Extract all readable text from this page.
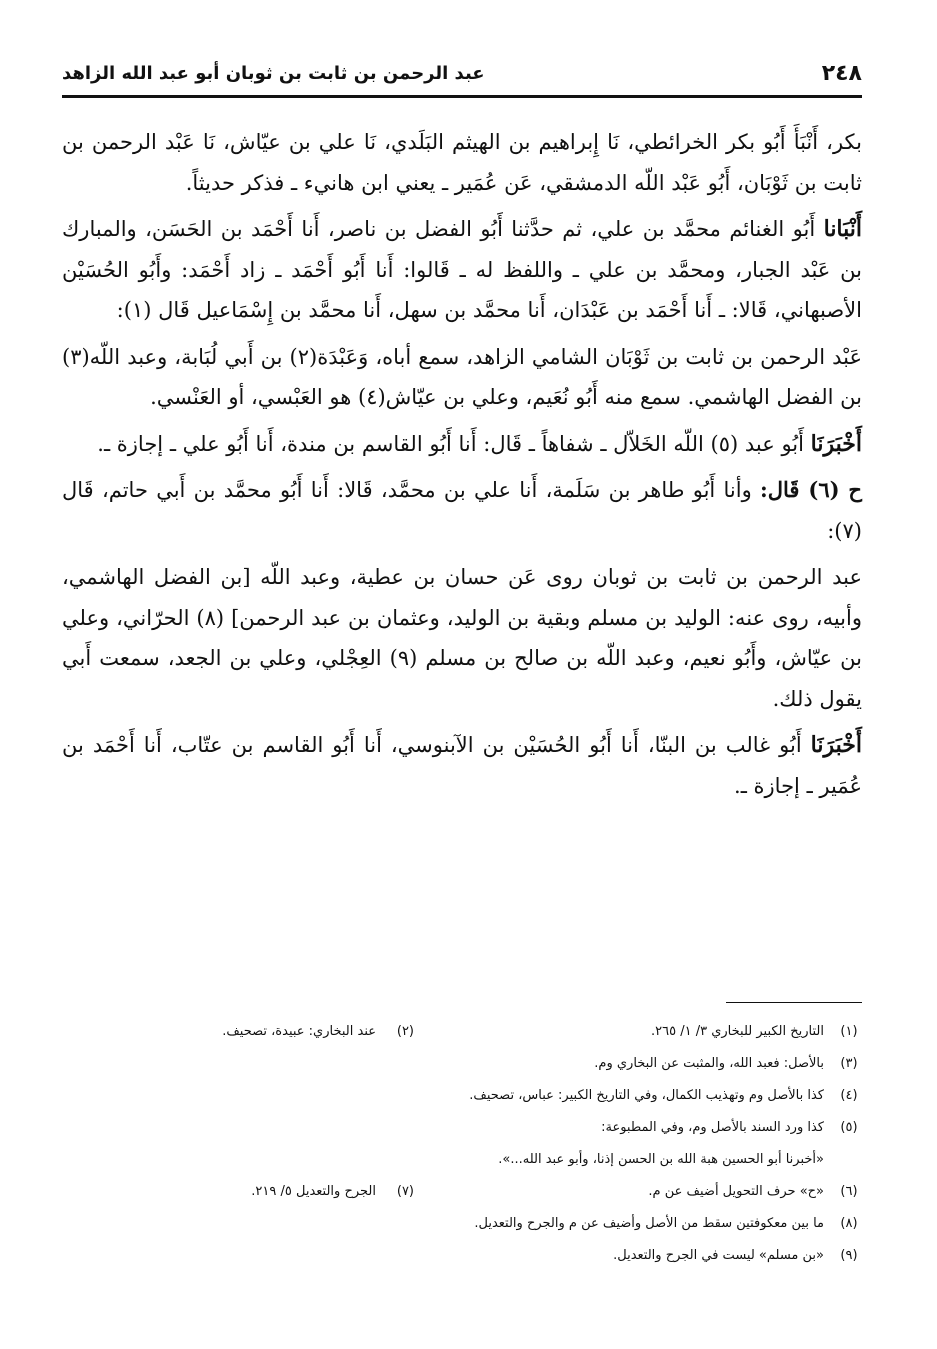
٢٤٨
عبد الرحمن بن ثابت بن ثوبان أبو عبد الله الزاهد

بكر، أَنْبَأَ أَبُو بكر الخرائطي، نَا إِبراهيم بن الهيثم البَلَدي، نَا علي بن عيّاش، نَا عَبْد الرحمن بن ثابت بن ثَوْبَان، أَبُو عَبْد اللّه الدمشقي، عَن عُمَير ـ يعني ابن هانيء ـ فذكر حديثاً.

أَنْبَانا أَبُو الغنائم محمَّد بن علي، ثم حدَّثنا أَبُو الفضل بن ناصر، أَنا أَحْمَد بن الحَسَن، والمبارك بن عَبْد الجبار، ومحمَّد بن علي ـ واللفظ له ـ قَالوا: أَنا أَبُو أَحْمَد ـ زاد أَحْمَد: وأَبُو الحُسَيْن الأصبهاني، قَالا: ـ أَنا أَحْمَد بن عَبْدَان، أَنا محمَّد بن سهل، أَنا محمَّد بن إِسْمَاعيل قَال (١):

عَبْد الرحمن بن ثابت بن ثَوْبَان الشامي الزاهد، سمع أباه، وَعَبْدَة(٢) بن أَبي لُبَابة، وعبد اللّه(٣) بن الفضل الهاشمي. سمع منه أَبُو نُعَيم، وعلي بن عيّاش(٤) هو العَبْسي، أو العَنْسي.

أَخْبَرَنَا أَبُو عبد (٥) اللّه الخَلاّل ـ شفاهاً ـ قَال: أَنا أَبُو القاسم بن مندة، أَنا أَبُو علي ـ إجازة ـ.

ح (٦) قَال: وأنا أَبُو طاهر بن سَلَمة، أَنا علي بن محمَّد، قَالا: أَنا أَبُو محمَّد بن أَبي حاتم، قَال (٧):

عبد الرحمن بن ثابت بن ثوبان روى عَن حسان بن عطية، وعبد اللّه [بن الفضل الهاشمي، وأبيه، روى عنه: الوليد بن مسلم وبقية بن الوليد، وعثمان بن عبد الرحمن] (٨) الحرّاني، وعلي بن عيّاش، وأَبُو نعيم، وعبد اللّه بن صالح بن مسلم (٩) العِجْلي، وعلي بن الجعد، سمعت أَبي يقول ذلك.

أَخْبَرَنَا أَبُو غالب بن البنّا، أَنا أَبُو الحُسَيْن بن الآبنوسي، أَنا أَبُو القاسم بن عتّاب، أَنا أَحْمَد بن عُمَير ـ إجازة ـ.

(١)
التاريخ الكبير للبخاري ٣/ ١/ ٢٦٥.
(٢)
عند البخاري: عبيدة، تصحيف.
(٣)
بالأصل: فعبد الله، والمثبت عن البخاري وم.
(٤)
كذا بالأصل وم وتهذيب الكمال، وفي التاريخ الكبير: عباس، تصحيف.
(٥)
كذا ورد السند بالأصل وم، وفي المطبوعة:
«أخبرنا أبو الحسين هبة الله بن الحسن إذنا، وأبو عبد الله...».
(٦)
«ح» حرف التحويل أضيف عن م.
(٧)
الجرح والتعديل ٥/ ٢١٩.
(٨)
ما بين معكوفتين سقط من الأصل وأضيف عن م والجرح والتعديل.
(٩)
«بن مسلم» ليست في الجرح والتعديل.
